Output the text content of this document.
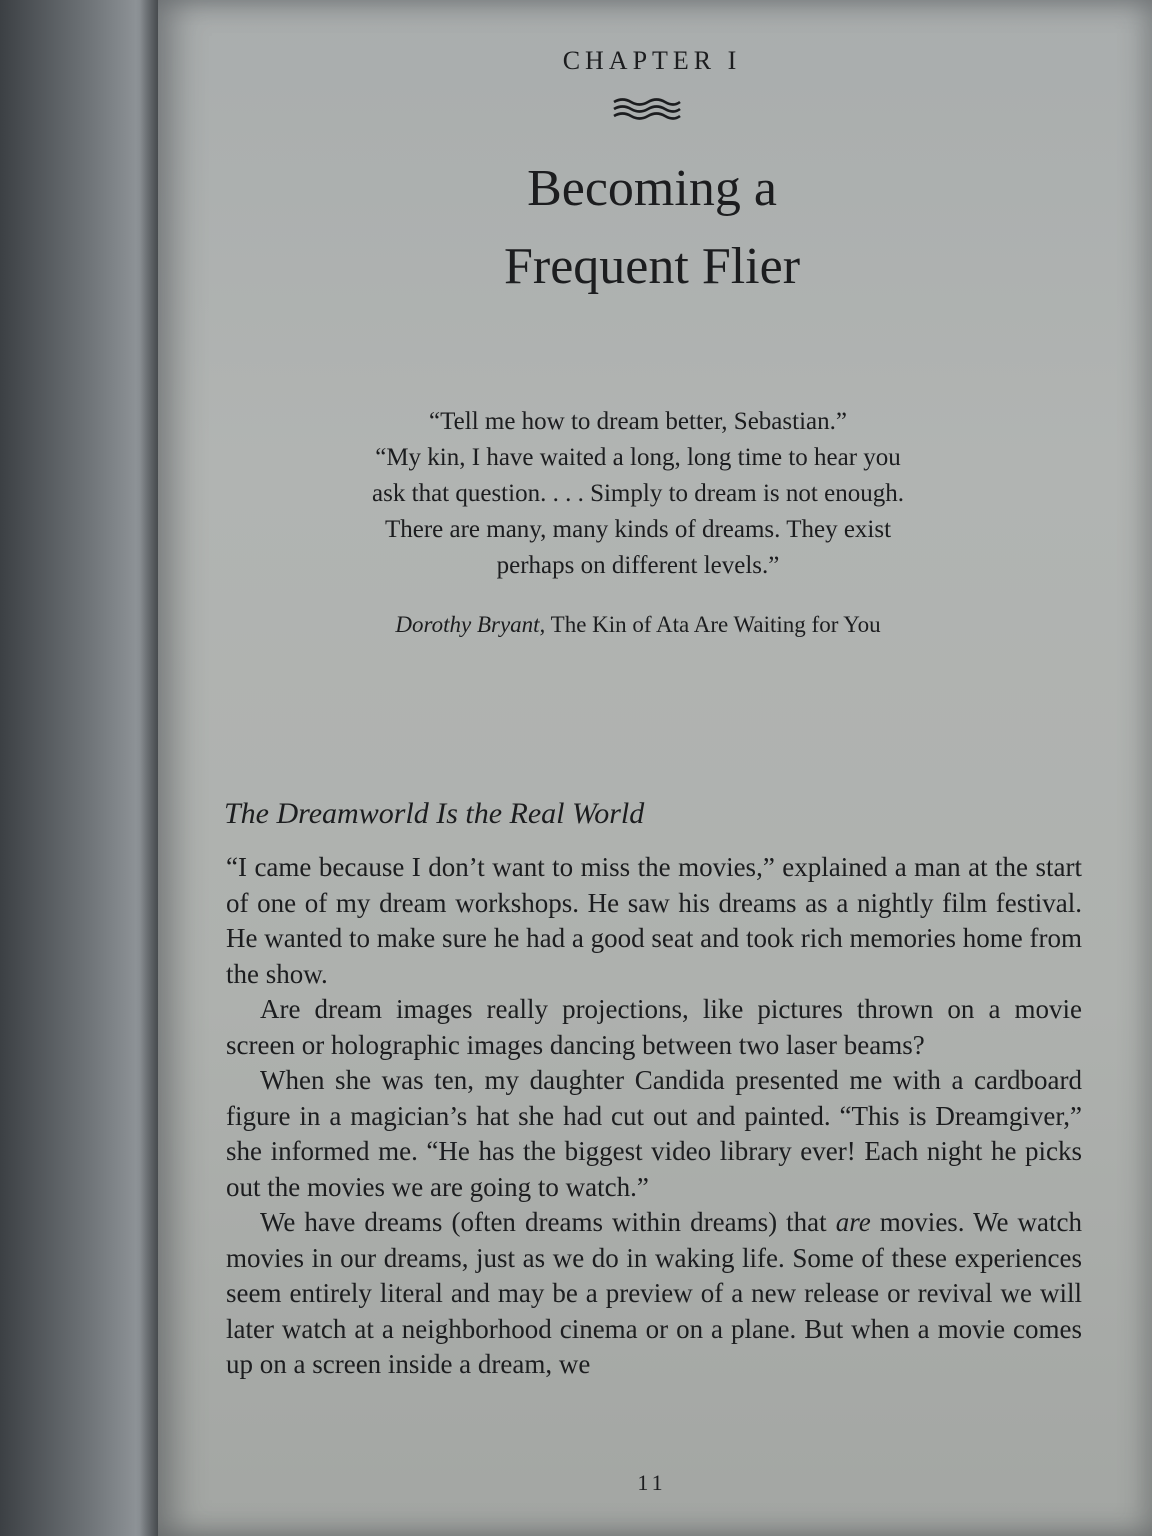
CHAPTER I
Becoming a
Frequent Flier

“Tell me how to dream better, Sebastian.”

“My kin, I have waited a long, long time to hear you

ask that question. . . . Simply to dream is not enough.

There are many, many kinds of dreams. They exist

perhaps on different levels.”

Dorothy Bryant, The Kin of Ata Are Waiting for You
The Dreamworld Is the Real World

“I came because I don’t want to miss the movies,” explained a man at the start of one of my dream workshops. He saw his dreams as a nightly film festival. He wanted to make sure he had a good seat and took rich memories home from the show.

Are dream images really projections, like pictures thrown on a movie screen or holographic images dancing between two laser beams?

When she was ten, my daughter Candida presented me with a cardboard figure in a magician’s hat she had cut out and painted. “This is Dreamgiver,” she informed me. “He has the biggest video library ever! Each night he picks out the movies we are going to watch.”

We have dreams (often dreams within dreams) that are movies. We watch movies in our dreams, just as we do in waking life. Some of these experiences seem entirely literal and may be a preview of a new release or revival we will later watch at a neighborhood cinema or on a plane. But when a movie comes up on a screen inside a dream, we

11
